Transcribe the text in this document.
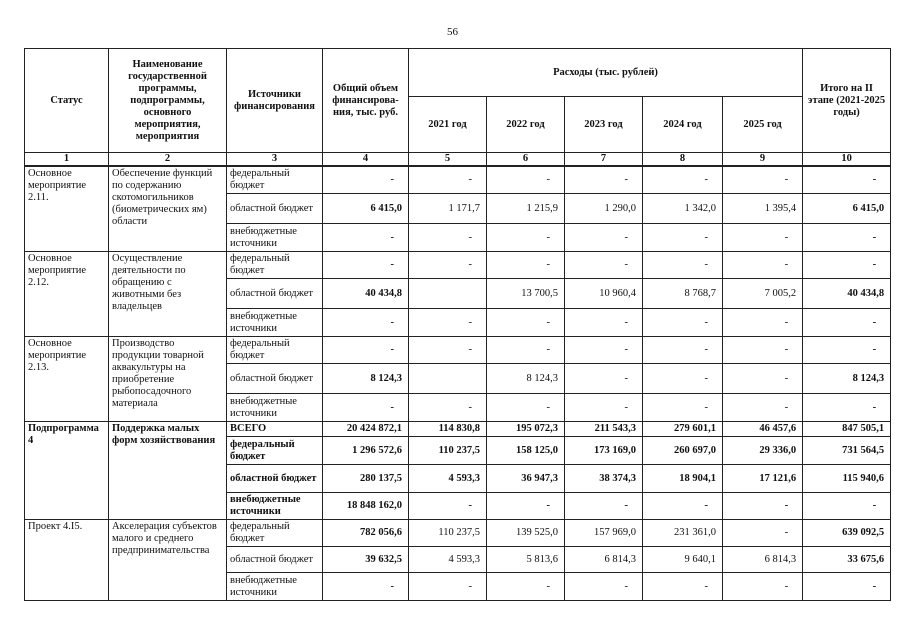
56
Статус	Наименование государственной программы, подпрограммы, основного мероприятия, мероприятия	Источники финансирования	Общий объем финансирова-ния, тыс. руб.	Расходы (тыс. рублей)					Итого на II этапе (2021-2025 годы)
				2021 год	2022 год	2023 год	2024 год	2025 год	
1	2	3	4	5	6	7	8	9	10
Основное мероприятие 2.11.	Обеспечение функций по содержанию скотомогильников (биометрических ям) области	федеральный бюджет	-	-	-	-	-	-	-
		областной бюджет	6 415,0	1 171,7	1 215,9	1 290,0	1 342,0	1 395,4	6 415,0
		внебюджетные источники	-	-	-	-	-	-	-
Основное мероприятие 2.12.	Осуществление деятельности по обращению с животными без владельцев	федеральный бюджет	-	-	-	-	-	-	-
		областной бюджет	40 434,8		13 700,5	10 960,4	8 768,7	7 005,2	40 434,8
		внебюджетные источники	-	-	-	-	-	-	-
Основное мероприятие 2.13.	Производство продукции товарной аквакультуры на приобретение рыбопосадочного материала	федеральный бюджет	-	-	-	-	-	-	-
		областной бюджет	8 124,3		8 124,3	-	-	-	8 124,3
		внебюджетные источники	-	-	-	-	-	-	-
Подпрограмма 4	Поддержка малых форм хозяйствования	ВСЕГО	20 424 872,1	114 830,8	195 072,3	211 543,3	279 601,1	46 457,6	847 505,1
		федеральный бюджет	1 296 572,6	110 237,5	158 125,0	173 169,0	260 697,0	29 336,0	731 564,5
		областной бюджет	280 137,5	4 593,3	36 947,3	38 374,3	18 904,1	17 121,6	115 940,6
		внебюджетные источники	18 848 162,0	-	-	-	-	-	-
Проект 4.I5.	Акселерация субъектов малого и среднего предпринимательства	федеральный бюджет	782 056,6	110 237,5	139 525,0	157 969,0	231 361,0	-	639 092,5
		областной бюджет	39 632,5	4 593,3	5 813,6	6 814,3	9 640,1	6 814,3	33 675,6
		внебюджетные источники	-	-	-	-	-	-	-
